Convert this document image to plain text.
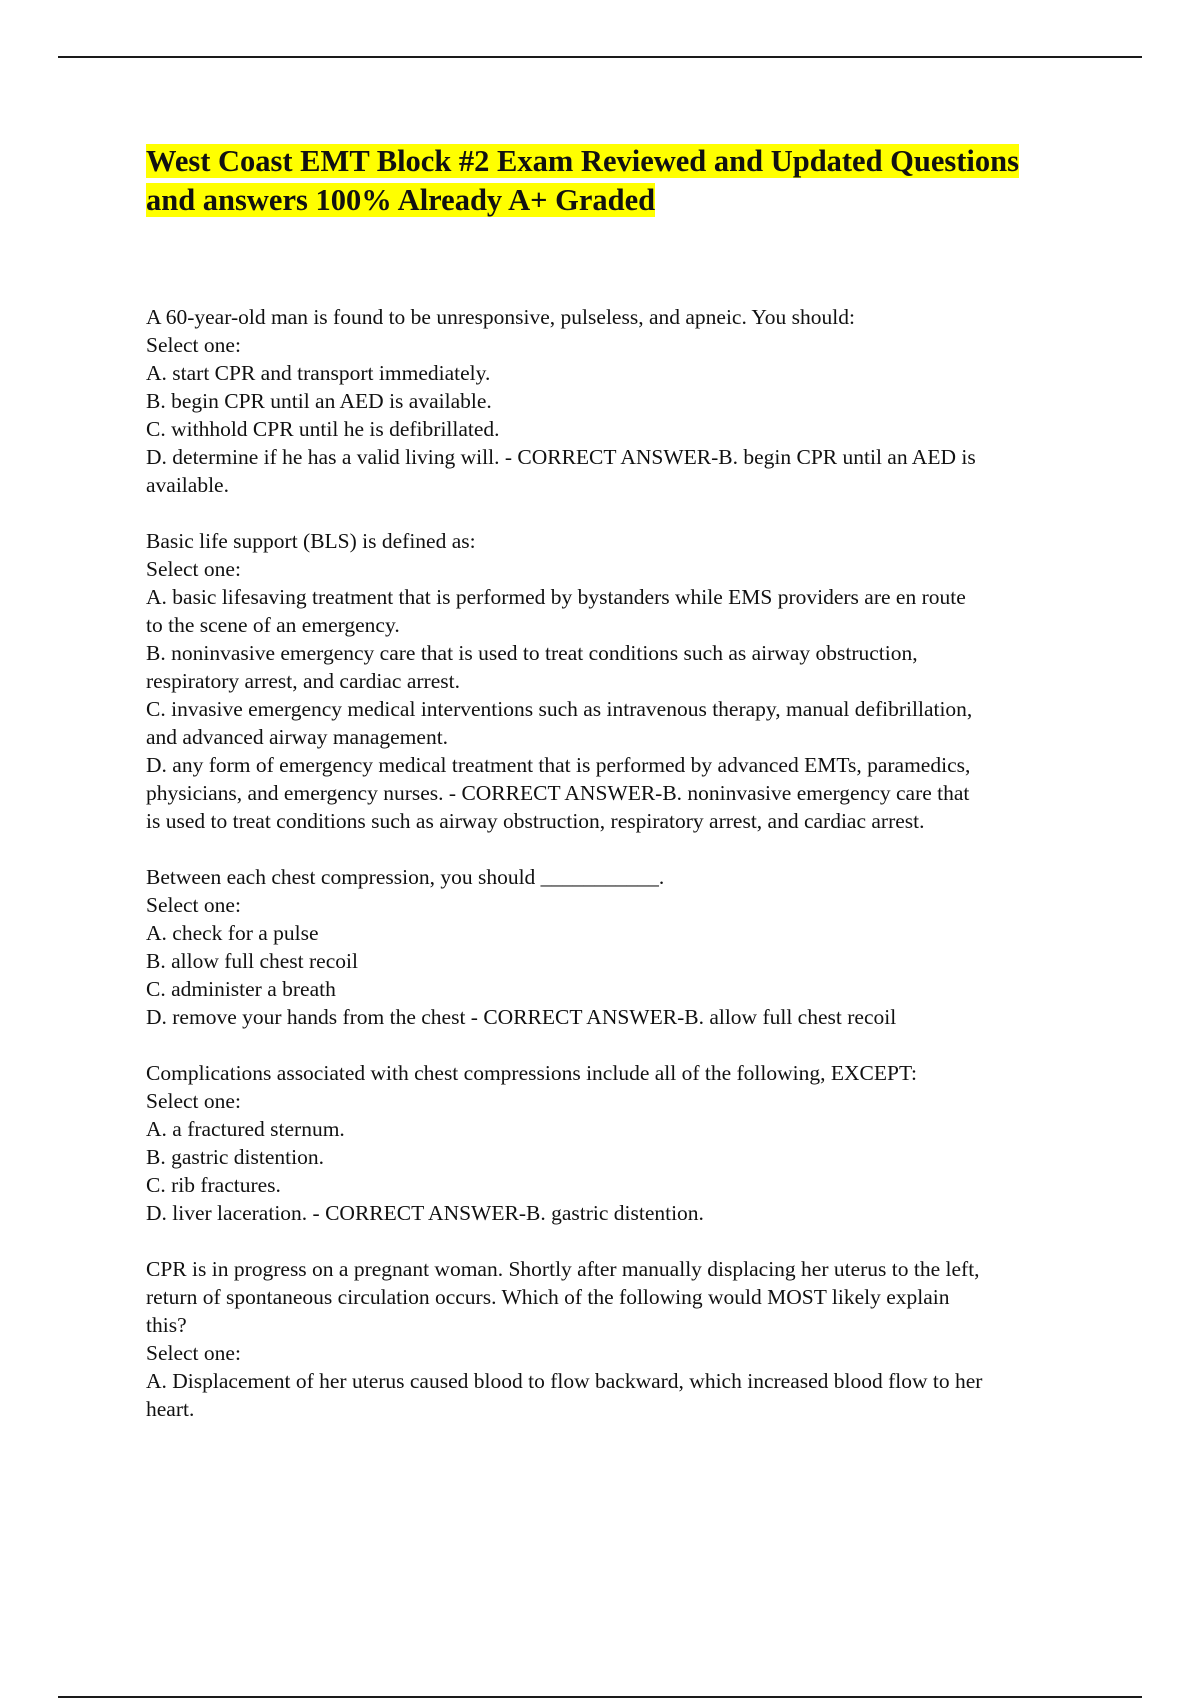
West Coast EMT Block #2 Exam Reviewed and Updated Questions
and answers 100% Already A+ Graded
A 60-year-old man is found to be unresponsive, pulseless, and apneic. You should:
Select one:
A. start CPR and transport immediately.
B. begin CPR until an AED is available.
C. withhold CPR until he is defibrillated.
D. determine if he has a valid living will. - CORRECT ANSWER-B. begin CPR until an AED is
available.
Basic life support (BLS) is defined as:
Select one:
A. basic lifesaving treatment that is performed by bystanders while EMS providers are en route
to the scene of an emergency.
B. noninvasive emergency care that is used to treat conditions such as airway obstruction,
respiratory arrest, and cardiac arrest.
C. invasive emergency medical interventions such as intravenous therapy, manual defibrillation,
and advanced airway management.
D. any form of emergency medical treatment that is performed by advanced EMTs, paramedics,
physicians, and emergency nurses. - CORRECT ANSWER-B. noninvasive emergency care that
is used to treat conditions such as airway obstruction, respiratory arrest, and cardiac arrest.
Between each chest compression, you should ___________.
Select one:
A. check for a pulse
B. allow full chest recoil
C. administer a breath
D. remove your hands from the chest - CORRECT ANSWER-B. allow full chest recoil
Complications associated with chest compressions include all of the following, EXCEPT:
Select one:
A. a fractured sternum.
B. gastric distention.
C. rib fractures.
D. liver laceration. - CORRECT ANSWER-B. gastric distention.
CPR is in progress on a pregnant woman. Shortly after manually displacing her uterus to the left,
return of spontaneous circulation occurs. Which of the following would MOST likely explain
this?
Select one:
A. Displacement of her uterus caused blood to flow backward, which increased blood flow to her
heart.
